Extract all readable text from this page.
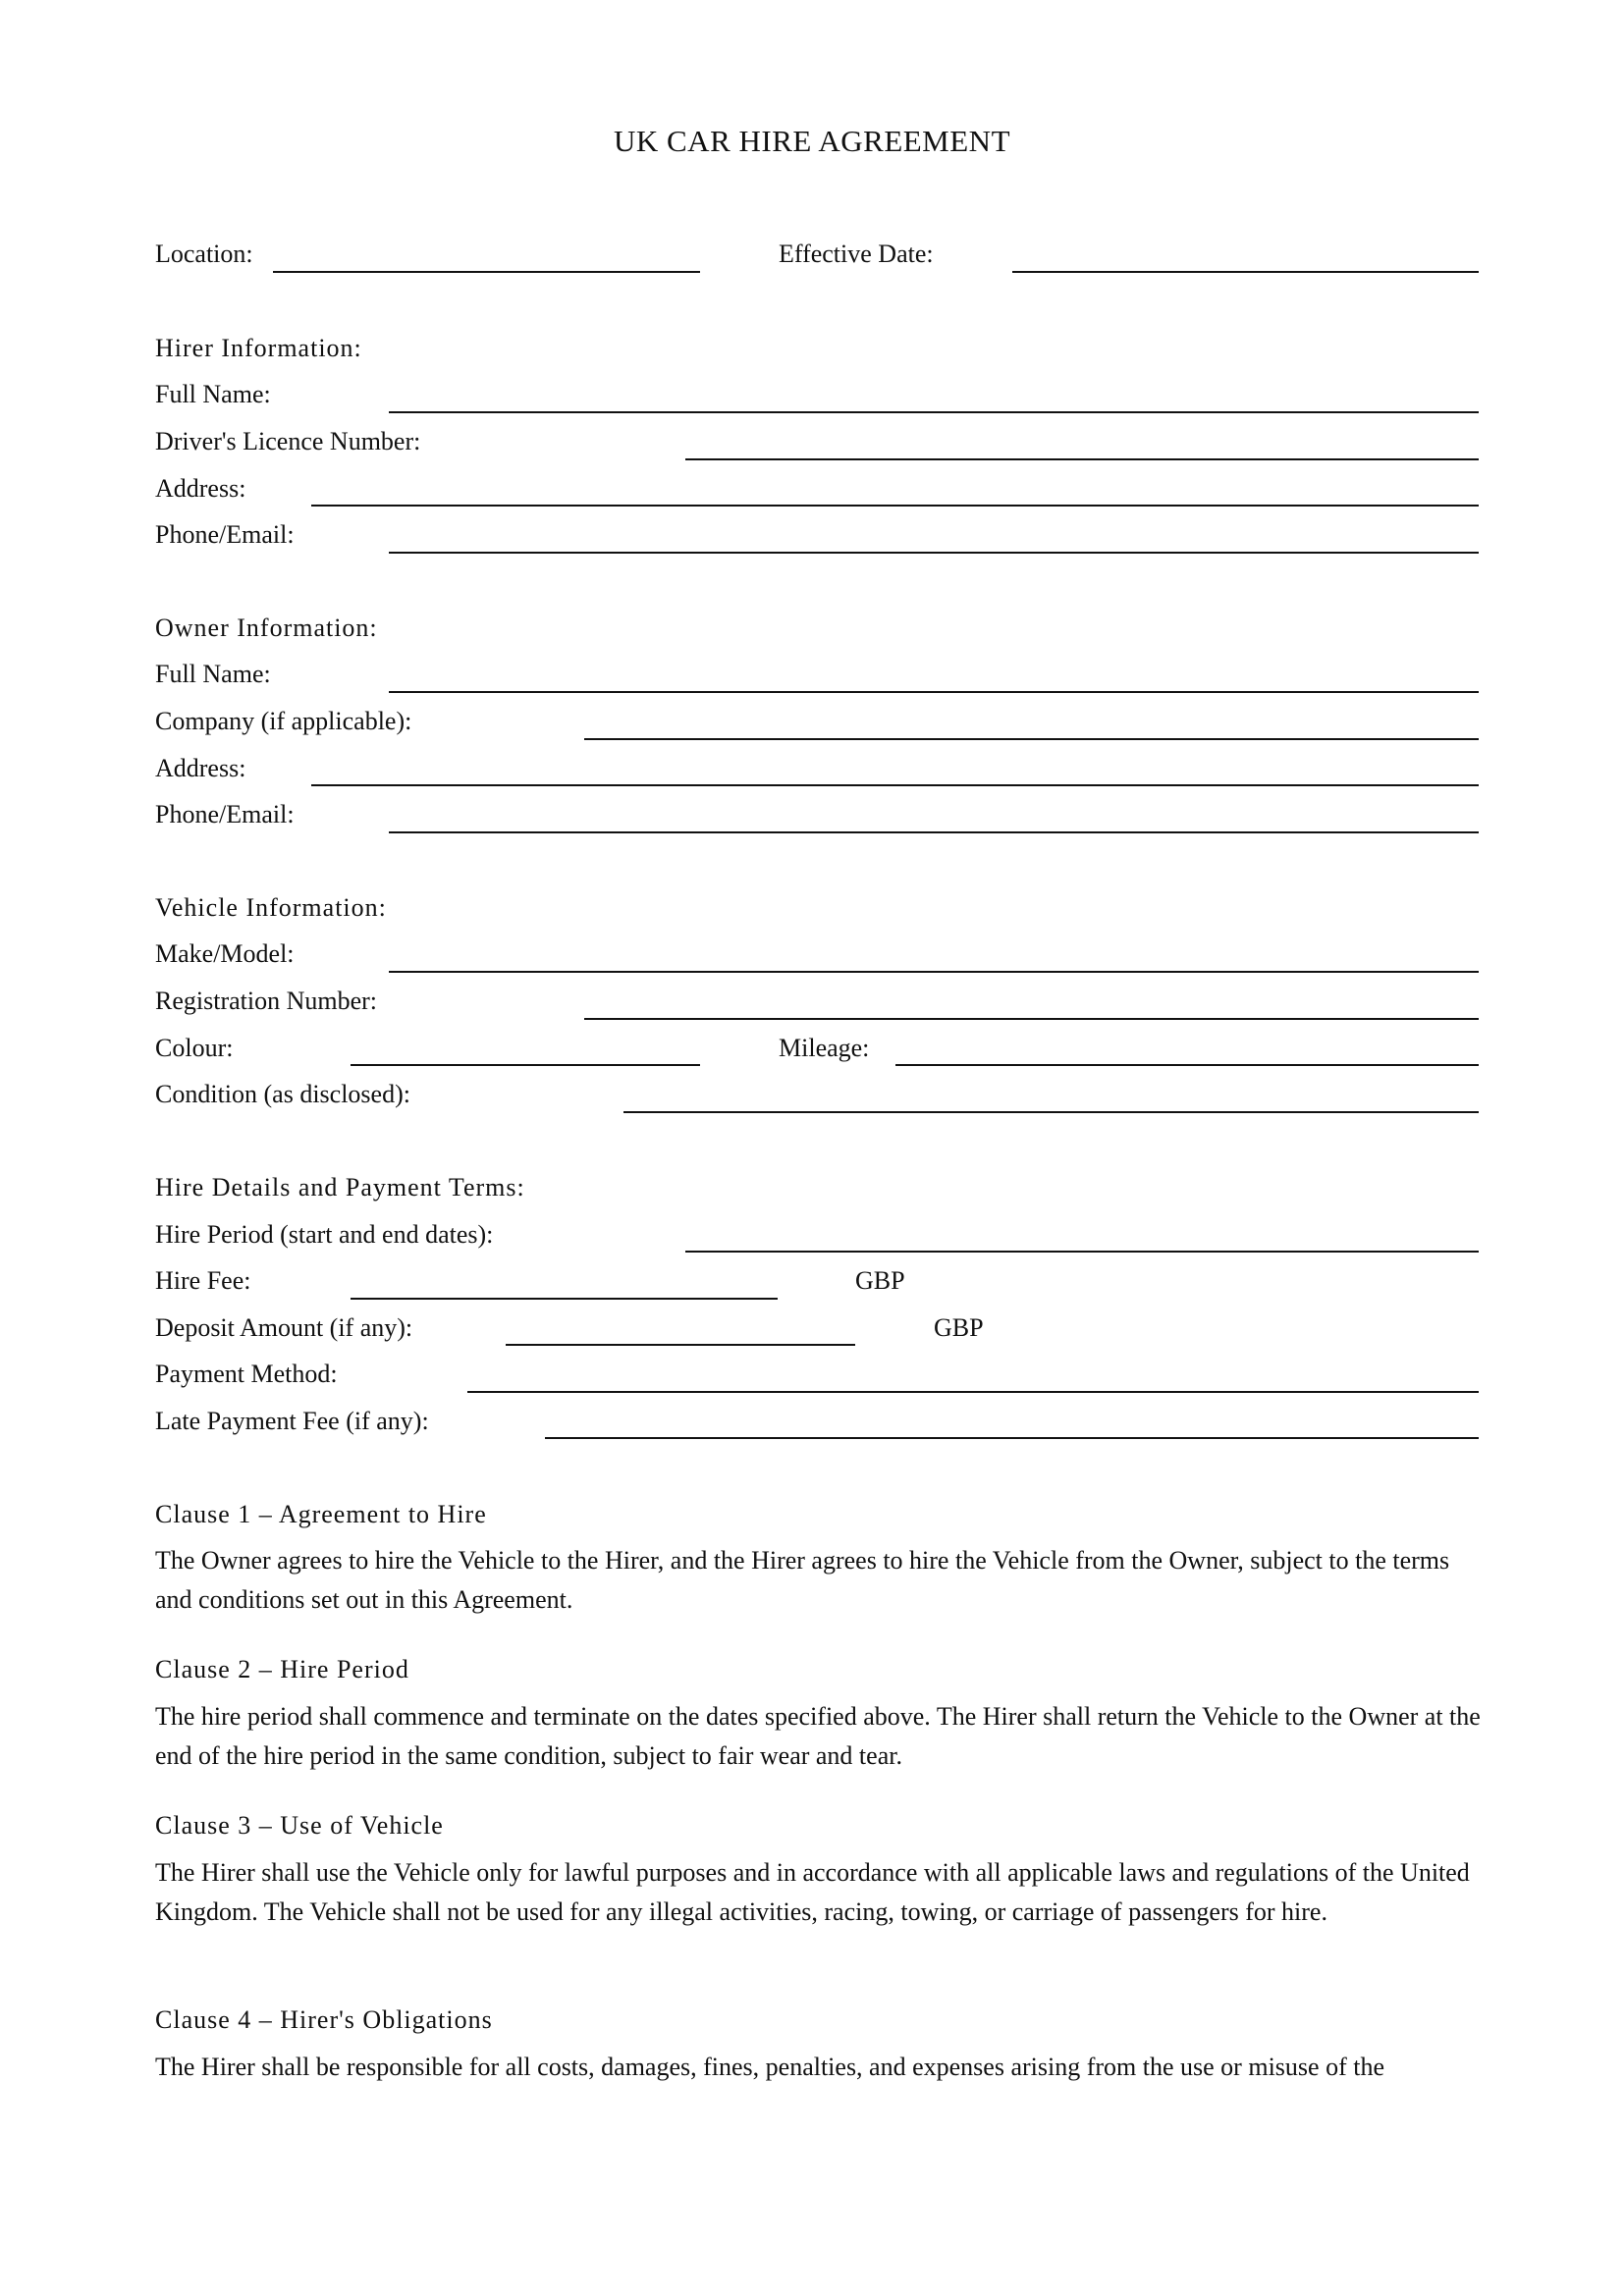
UK CAR HIRE AGREEMENT
Location:	Effective Date:
Hirer Information:
Full Name:
Driver's Licence Number:
Address:
Phone/Email:
Owner Information:
Full Name:
Company (if applicable):
Address:
Phone/Email:
Vehicle Information:
Make/Model:
Registration Number:
Colour:	Mileage:
Condition (as disclosed):
Hire Details and Payment Terms:
Hire Period (start and end dates):
Hire Fee:	GBP
Deposit Amount (if any):	GBP
Payment Method:
Late Payment Fee (if any):
Clause 1 – Agreement to Hire
The Owner agrees to hire the Vehicle to the Hirer, and the Hirer agrees to hire the Vehicle from the Owner, subject to the terms and conditions set out in this Agreement.
Clause 2 – Hire Period
The hire period shall commence and terminate on the dates specified above. The Hirer shall return the Vehicle to the Owner at the end of the hire period in the same condition, subject to fair wear and tear.
Clause 3 – Use of Vehicle
The Hirer shall use the Vehicle only for lawful purposes and in accordance with all applicable laws and regulations of the United Kingdom. The Vehicle shall not be used for any illegal activities, racing, towing, or carriage of passengers for hire.
Clause 4 – Hirer's Obligations
The Hirer shall be responsible for all costs, damages, fines, penalties, and expenses arising from the use or misuse of the
